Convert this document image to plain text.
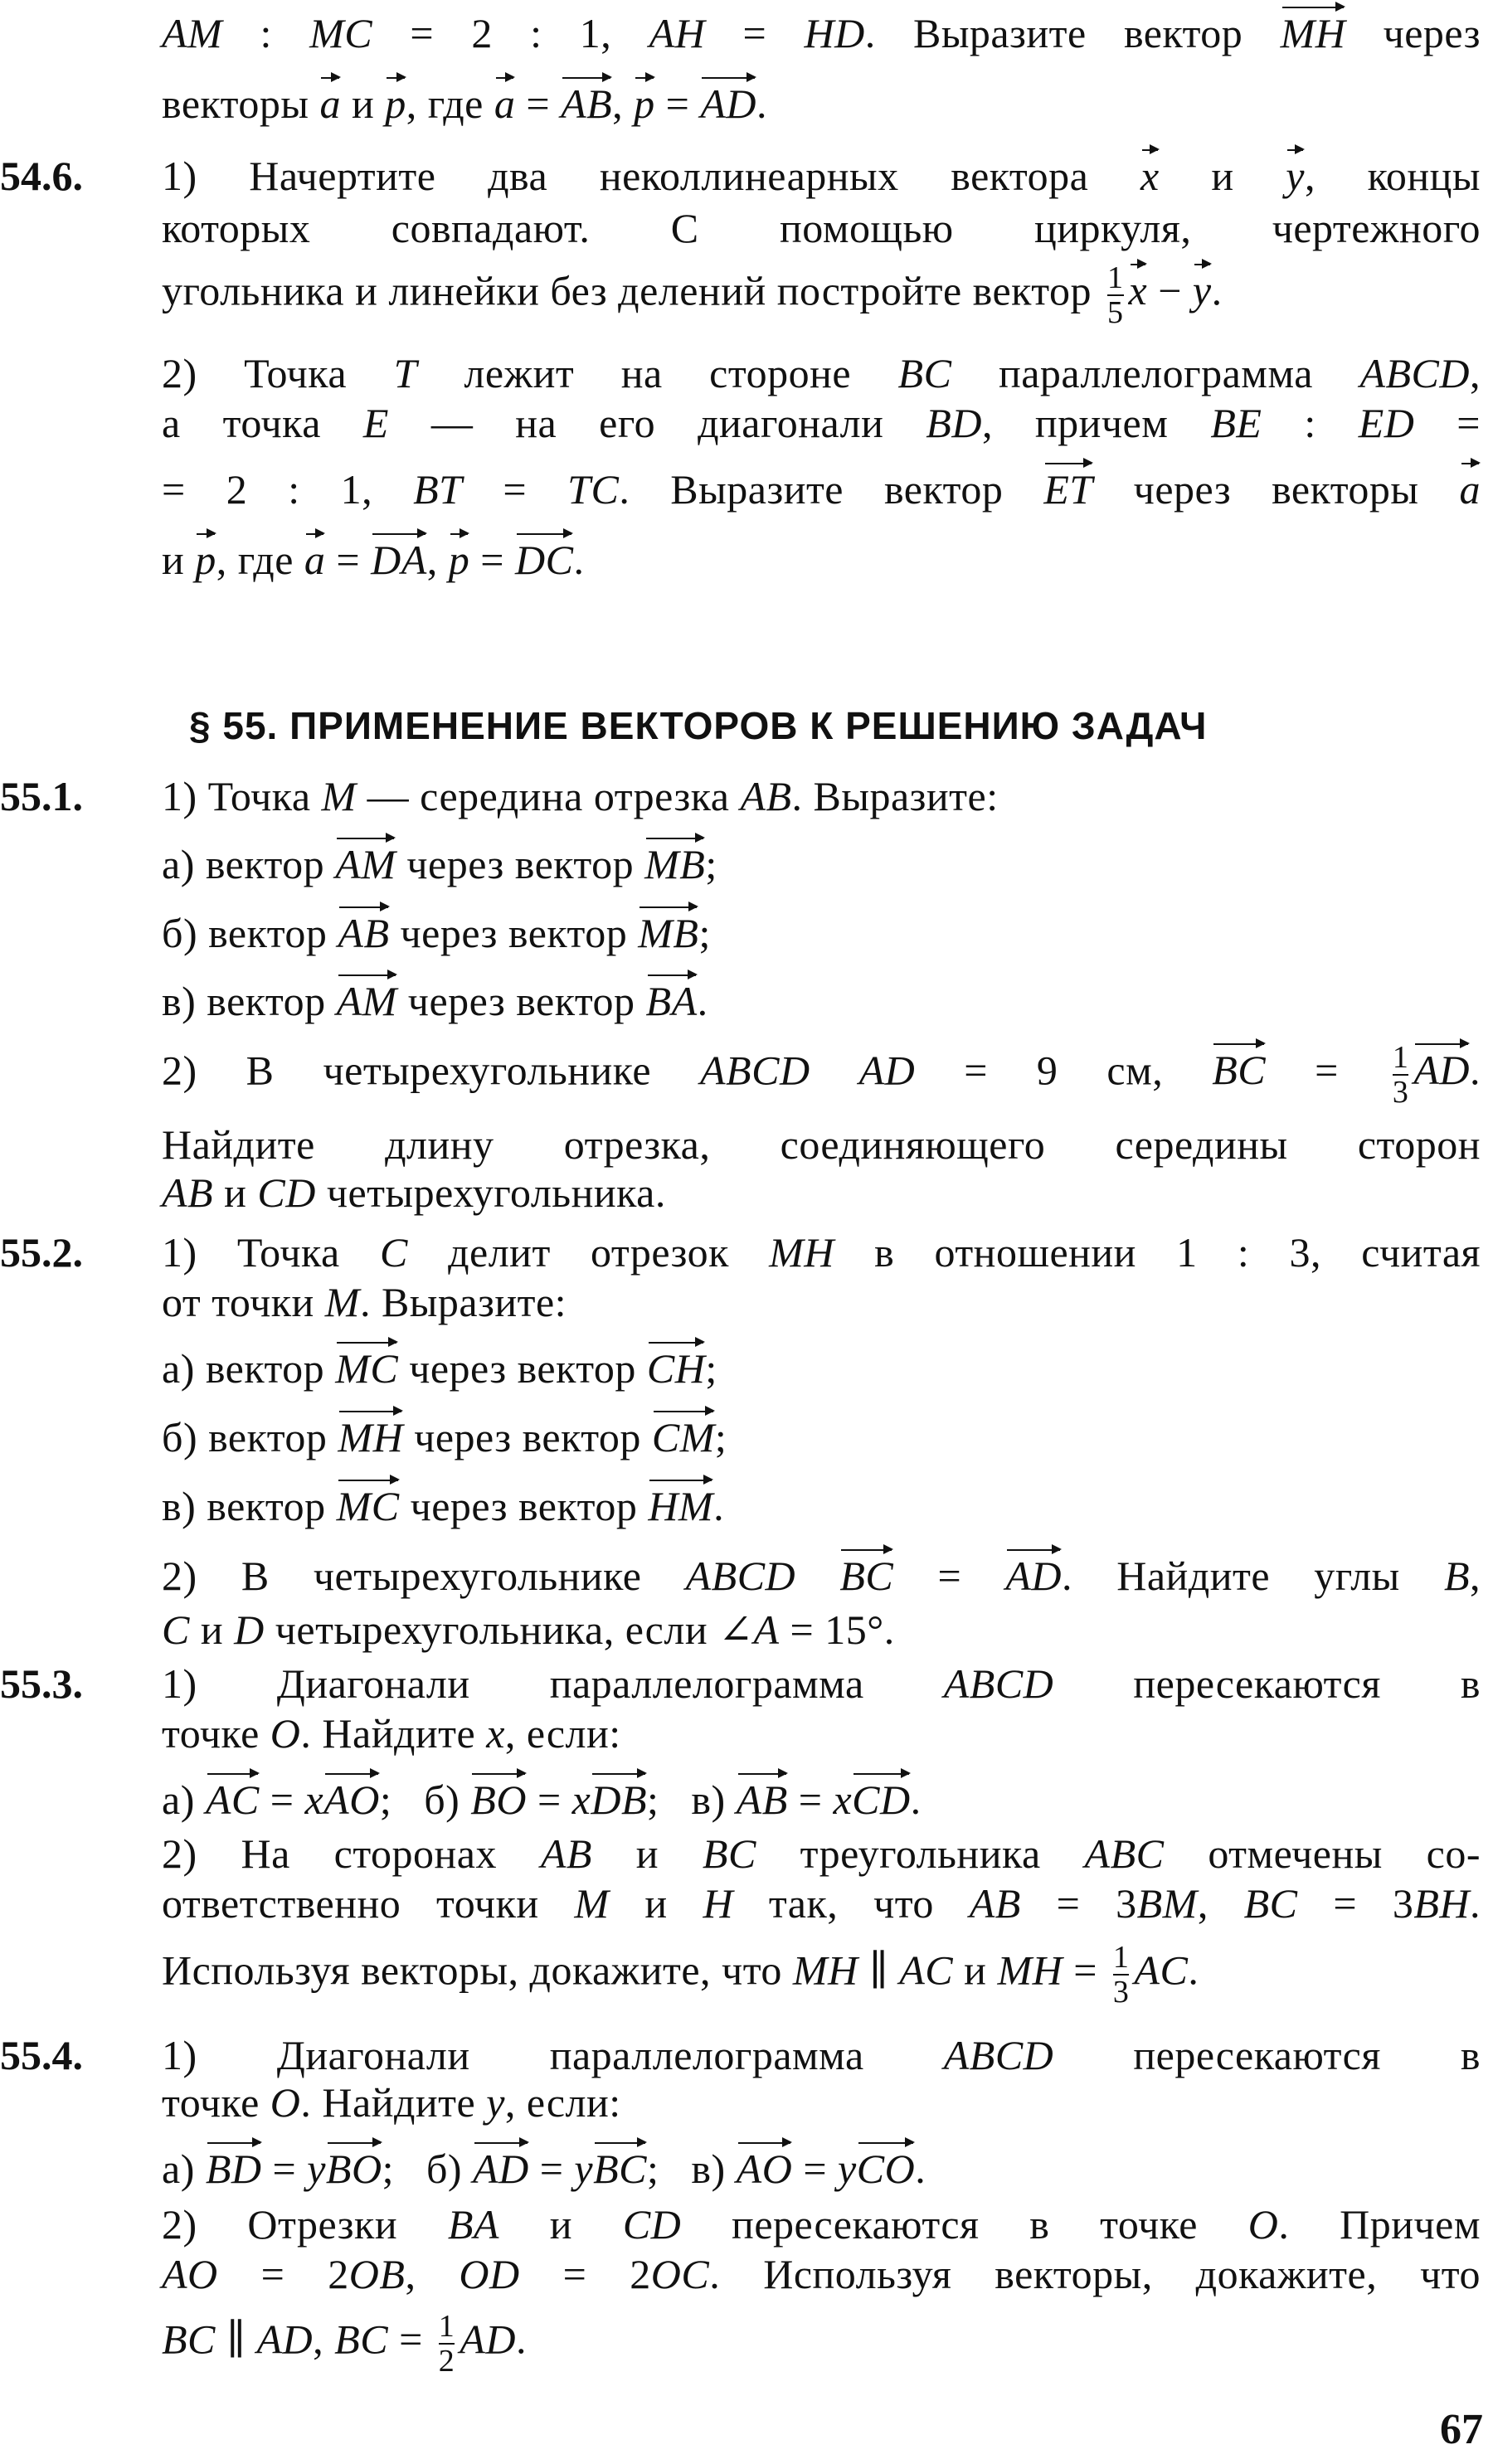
AM : MC = 2 : 1, AH = HD. Выразите вектор MH через
векторы a и p, где a = AB, p = AD.
54.6. 1) Начертите два неколлинеарных вектора x и y, концы
которых совпадают. С помощью циркуля, чертежного
угольника и линейки без делений постройте вектор $\frac{1}{5}$ x − y.
2) Точка T лежит на стороне BC параллелограмма ABCD,
а точка E — на его диагонали BD, причем BE : ED =
= 2 : 1, BT = TC. Выразите вектор ET через векторы a
и p, где a = DA, p = DC.
§ 55. ПРИМЕНЕНИЕ ВЕКТОРОВ К РЕШЕНИЮ ЗАДАЧ
55.1. 1) Точка M — середина отрезка AB. Выразите:
а) вектор AM через вектор MB;
б) вектор AB через вектор MB;
в) вектор AM через вектор BA.
2) В четырехугольнике ABCD AD = 9 см, BC = $\frac{1}{3}$ AD.
Найдите длину отрезка, соединяющего середины сторон
AB и CD четырехугольника.
55.2. 1) Точка C делит отрезок MH в отношении 1 : 3, считая
от точки M. Выразите:
а) вектор MC через вектор CH;
б) вектор MH через вектор CM;
в) вектор MC через вектор HM.
2) В четырехугольнике ABCD BC = AD. Найдите углы B,
C и D четырехугольника, если ∠A = 15°.
55.3. 1) Диагонали параллелограмма ABCD пересекаются в
точке O. Найдите x, если:
а) AC = xAO;   б) BO = xDB;   в) AB = xCD.
2) На сторонах AB и BC треугольника ABC отмечены со-
ответственно точки M и H так, что AB = 3BM, BC = 3BH.
Используя векторы, докажите, что MH ∥ AC и MH = $\frac{1}{3}$ AC.
55.4. 1) Диагонали параллелограмма ABCD пересекаются в
точке O. Найдите y, если:
а) BD = yBO;   б) AD = yBC;   в) AO = yCO.
2) Отрезки BA и CD пересекаются в точке O. Причем
AO = 2OB, OD = 2OC. Используя векторы, докажите, что
BC ∥ AD, BC = $\frac{1}{2}$ AD.
67
